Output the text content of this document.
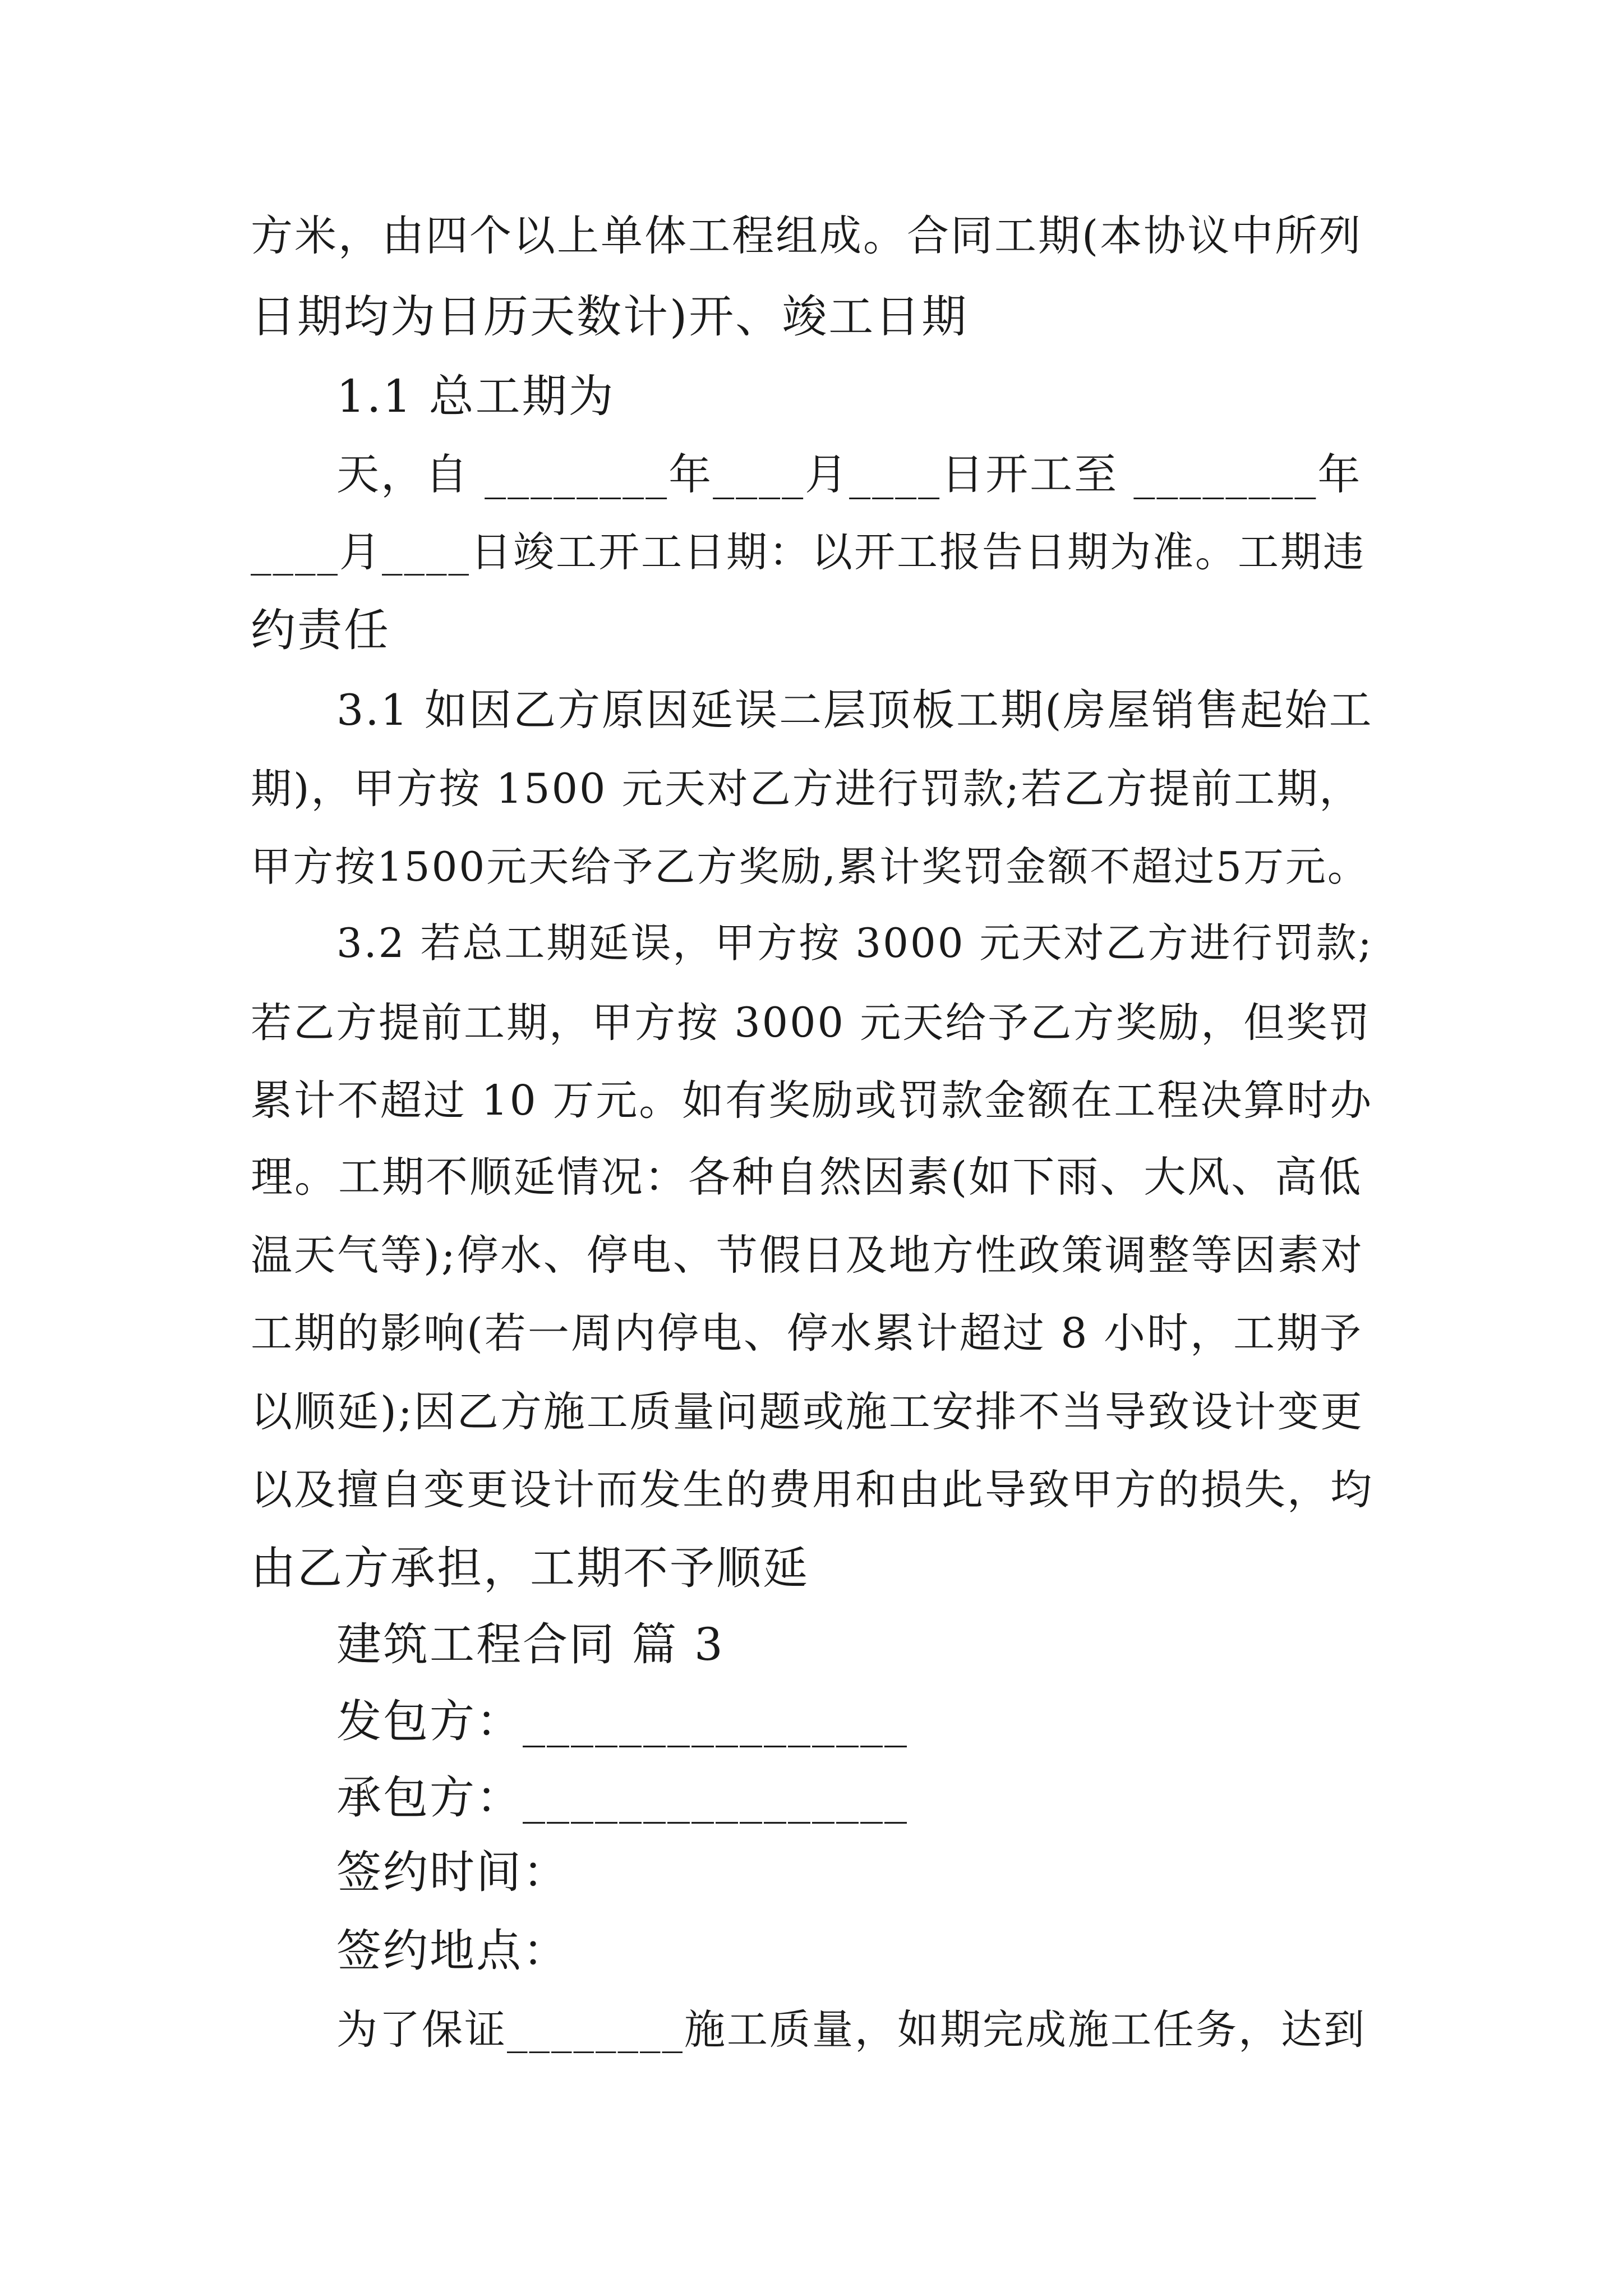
方米，由四个以上单体工程组成。合同工期(本协议中所列
日期均为日历天数计)开、竣工日期
1.1 总工期为
天，自 ________年____月____日开工至 ________年
____月____日竣工开工日期：以开工报告日期为准。工期违
约责任
3.1 如因乙方原因延误二层顶板工期(房屋销售起始工
期)，甲方按 1500 元天对乙方进行罚款;若乙方提前工期，
甲方按1500元天给予乙方奖励,累计奖罚金额不超过5万元。
3.2 若总工期延误，甲方按 3000 元天对乙方进行罚款;
若乙方提前工期，甲方按 3000 元天给予乙方奖励，但奖罚
累计不超过 10 万元。如有奖励或罚款金额在工程决算时办
理。工期不顺延情况：各种自然因素(如下雨、大风、高低
温天气等);停水、停电、节假日及地方性政策调整等因素对
工期的影响(若一周内停电、停水累计超过 8 小时，工期予
以顺延);因乙方施工质量问题或施工安排不当导致设计变更
以及擅自变更设计而发生的费用和由此导致甲方的损失，均
由乙方承担，工期不予顺延
建筑工程合同 篇 3
发包方：________________
承包方：________________
签约时间：
签约地点：
为了保证________施工质量，如期完成施工任务，达到
